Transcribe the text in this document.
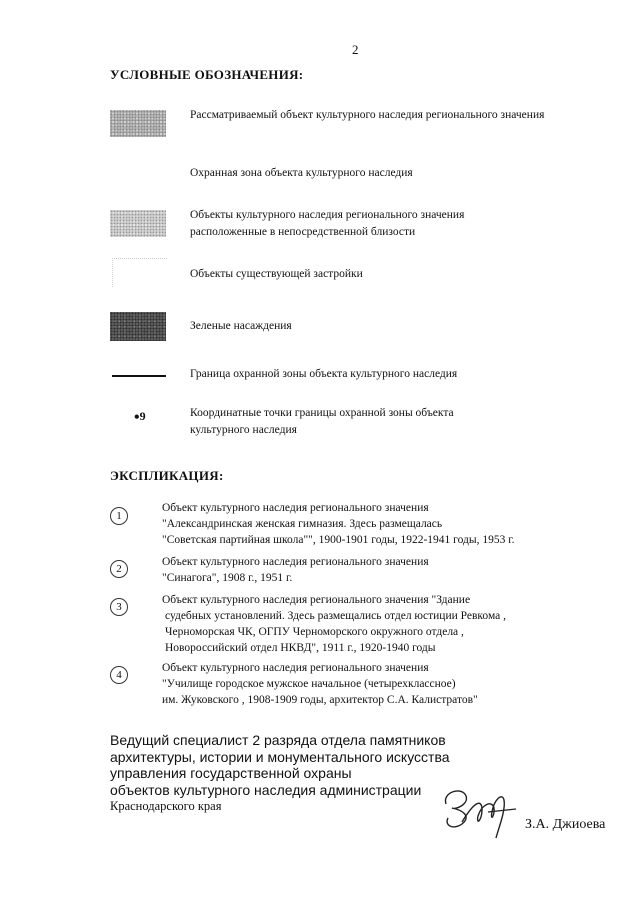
2
УСЛОВНЫЕ ОБОЗНАЧЕНИЯ:
Рассматриваемый объект культурного наследия регионального значения
Охранная зона объекта культурного наследия
Объекты культурного наследия регионального значения
расположенные в непосредственной близости
Объекты существующей застройки
Зеленые насаждения
Граница охранной зоны объекта культурного наследия
•9	Координатные точки границы охранной зоны объекта
культурного наследия
ЭКСПЛИКАЦИЯ:
1
Объект культурного наследия регионального значения
"Александринская женская гимназия. Здесь размещалась
"Советская партийная школа"", 1900-1901 годы, 1922-1941 годы, 1953 г.
2
Объект культурного наследия регионального значения
"Синагога", 1908 г., 1951 г.
3
Объект культурного наследия регионального значения "Здание
судебных установлений. Здесь размещались отдел юстиции Ревкома ,
Черноморская ЧК, ОГПУ Черноморского окружного отдела ,
Новороссийский отдел НКВД", 1911 г., 1920-1940 годы
4
Объект культурного наследия регионального значения
"Училище городское мужское начальное (четырехклассное)
им. Жуковского , 1908-1909 годы, архитектор С.А. Калистратов"
Ведущий специалист 2 разряда отдела памятников
архитектуры, истории и монументального искусства
управления государственной охраны
объектов культурного наследия администрации
Краснодарского края
З.А. Джиоева
